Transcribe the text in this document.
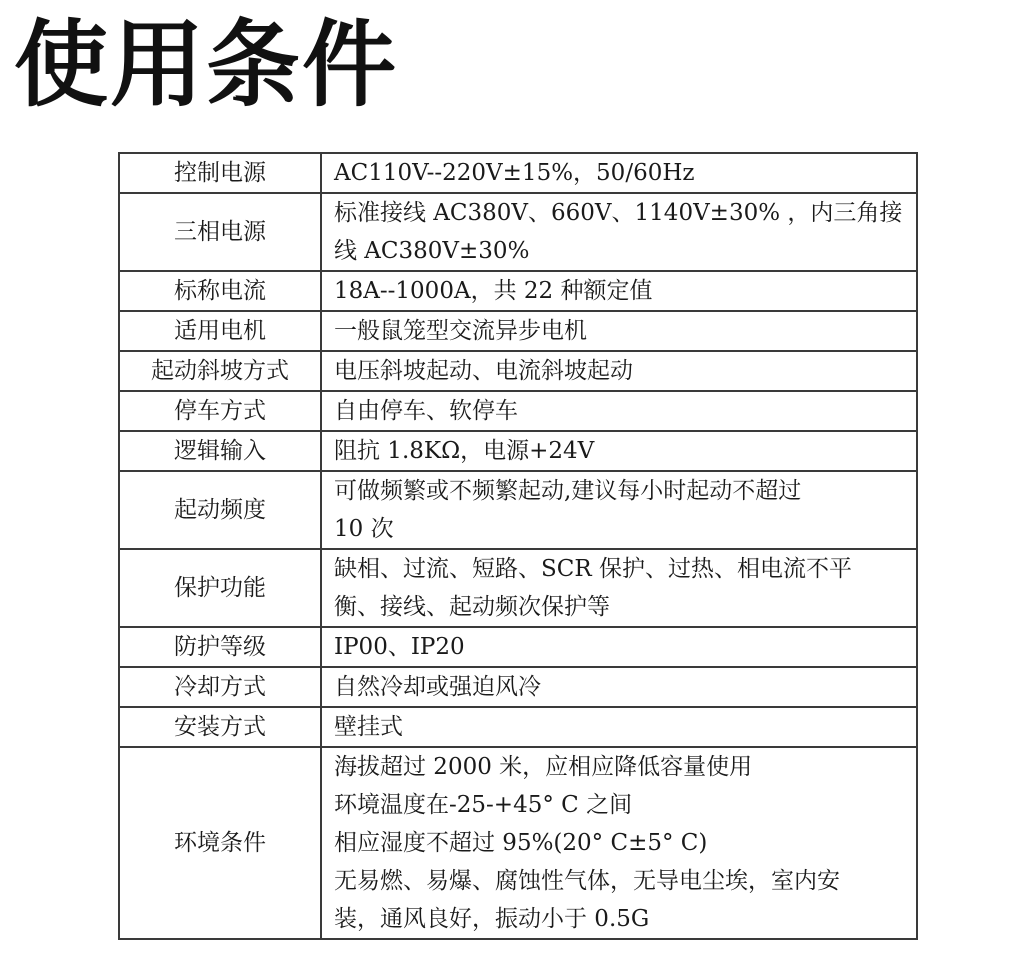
使用条件
控制电源	AC110V--220V±15%，50/60Hz
三相电源	标准接线 AC380V、660V、1140V±30% ，内三角接
线 AC380V±30%
标称电流	18A--1000A，共 22 种额定值
适用电机	一般鼠笼型交流异步电机
起动斜坡方式	电压斜坡起动、电流斜坡起动
停车方式	自由停车、软停车
逻辑输入	阻抗 1.8KΩ，电源+24V
起动频度	可做频繁或不频繁起动,建议每小时起动不超过
10 次
保护功能	缺相、过流、短路、SCR 保护、过热、相电流不平
衡、接线、起动频次保护等
防护等级	IP00、IP20
冷却方式	自然冷却或强迫风冷
安装方式	壁挂式
环境条件	海拔超过 2000 米，应相应降低容量使用
环境温度在-25-+45° C 之间
相应湿度不超过 95%(20° C±5° C)
无易燃、易爆、腐蚀性气体，无导电尘埃，室内安
装，通风良好，振动小于 0.5G
